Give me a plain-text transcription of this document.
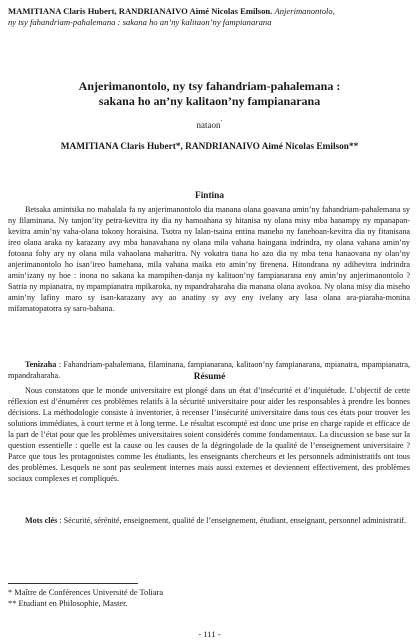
MAMITIANA Claris Hubert, RANDRIANAIVO Aimé Nicolas Emilson. Anjerimanontolo,
ny tsy fahandriam-pahalemana : sakana ho an’ny kalitaon’ny fampianarana
Anjerimanontolo, ny tsy fahandriam-pahalemana :
sakana ho an’ny kalitaon’ny fampianarana
nataon’
MAMITIANA Claris Hubert*, RANDRIANAIVO Aimé Nicolas Emilson**
Fintina

Betsaka amintsika no mahalala fa ny anjerimanontolo dia manana olana goavana amin’ny fahandriam-pahalemana sy ny filaminana. Ny tanjon’ity petra-kevitra ity dia ny hamoahana sy hitanisa ny olana misy mba hanampy ny mpanapan-kevitra amin’ny vaha-olana tokony horaisina. Tsotra ny lalan-tsaina entina maneho ny fanehoan-kevitra dia ny fitanisana ireo olana araka ny karazany avy mba hanavahana ny olana mila vahana haingana indrindra, ny olana vahana amin’ny fotoana fohy ary ny olana mila vahaolana maharitra. Ny vokatra tiana ho azo dia ny mba tena hanaovana ny olan’ny anjerimanontolo ho isan’ireo hamehana, mila vahana maika eto amin’ny firenena. Hitondrana ny adihevitra indrindra amin’izany ny hoe : inona no sakana ka mampihen-danja ny kalitaon’ny fampianarana eny amin’ny anjerimanontolo ? Satria ny mpianatra, ny mpampianatra mpikaroka, ny mpandraharaha dia manana olana avokoa. Ny olana misy dia miseho amin’ny lafiny maro sy isan-karazany avy ao anatiny sy avy eny ivelany ary lasa olana ara-piaraha-monina mifamatopatotra sy saro-bahana.

Tenizaha : Fahandriam-pahalemana, filaminana, fampianarana, kalitaon’ny fampianarana, mpianatra, mpampianatra, mpandraharaha.	Résumé

Nous constatons que le monde universitaire est plongé dans un état d’insécurité et d’inquiétude. L’objectif de cette réflexion est d’énumérer ces problèmes relatifs à la sécurité universitaire pour aider les responsables à prendre les bonnes décisions. La méthodologie consiste à inventorier, à recenser l’insécurité universitaire dans tous ces états pour trouver les solutions immédiates, à court terme et à long terme. Le résultat escompté est donc une prise en charge rapide et efficace de la part de l’état pour que les problèmes universitaires soient considérés comme fondamentaux. La discussion se base sur la question essentielle : quelle est la cause ou les causes de la dégringolade de la qualité de l’enseignement universitaire ? Parce que tous les protagonistes comme les étudiants, les enseignants chercheurs et les personnels administratifs ont tous des problèmes. Lesquels ne sont pas seulement internes mais aussi externes et deviennent effectivement, des problèmes sociaux complexes et compliqués.

Mots clés : Sécurité, sérénité, enseignement, qualité de l’enseignement, étudiant, enseignant, personnel administratif.

* Maître de Conférences Université de Toliara
** Etudiant en Philosophie, Master.
- 111 -
